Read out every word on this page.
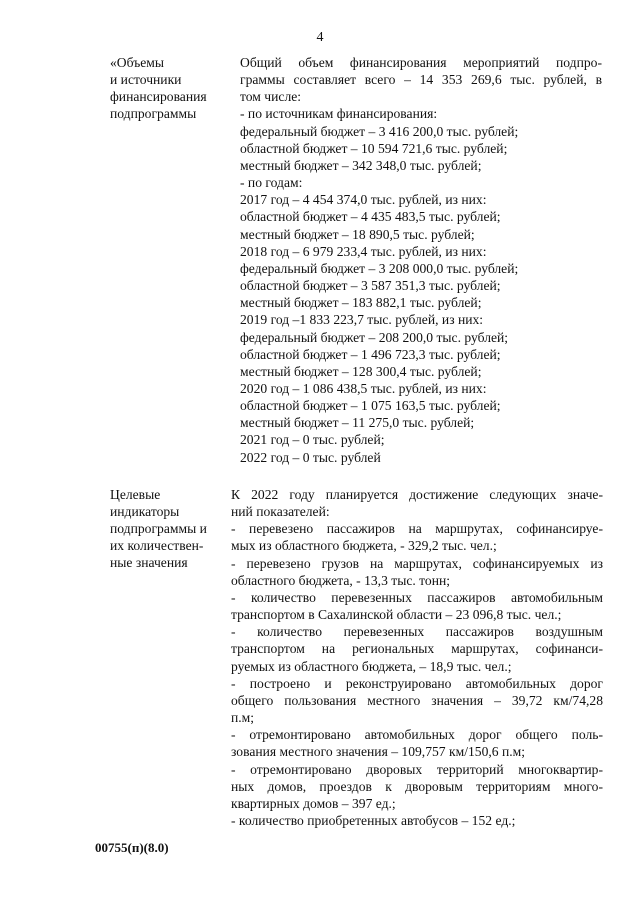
4
«Объемы
и источники
финансирования
подпрограммы
Общий объем финансирования мероприятий подпро-
граммы составляет всего – 14 353 269,6 тыс. рублей, в
том числе:
- по источникам финансирования:
федеральный бюджет – 3 416 200,0 тыс. рублей;
областной бюджет – 10 594 721,6 тыс. рублей;
местный бюджет – 342 348,0 тыс. рублей;
- по годам:
2017 год – 4 454 374,0 тыс. рублей, из них:
областной бюджет – 4 435 483,5 тыс. рублей;
местный бюджет – 18 890,5 тыс. рублей;
2018 год – 6 979 233,4 тыс. рублей, из них:
федеральный бюджет – 3 208 000,0 тыс. рублей;
областной бюджет – 3 587 351,3 тыс. рублей;
местный бюджет – 183 882,1 тыс. рублей;
2019 год –1 833 223,7 тыс. рублей, из них:
федеральный бюджет – 208 200,0 тыс. рублей;
областной бюджет – 1 496 723,3 тыс. рублей;
местный бюджет – 128 300,4 тыс. рублей;
2020 год – 1 086 438,5 тыс. рублей, из них:
областной бюджет – 1 075 163,5 тыс. рублей;
местный бюджет – 11 275,0 тыс. рублей;
2021 год – 0 тыс. рублей;
2022 год – 0 тыс. рублей
Целевые
индикаторы
подпрограммы и
их количествен-
ные значения
К 2022 году планируется достижение следующих значе-
ний показателей:
- перевезено пассажиров на маршрутах, софинансируе-
мых из областного бюджета, - 329,2 тыс. чел.;
- перевезено грузов на маршрутах, софинансируемых из
областного бюджета, - 13,3 тыс. тонн;
- количество перевезенных пассажиров автомобильным
транспортом в Сахалинской области – 23 096,8 тыс. чел.;
- количество перевезенных пассажиров воздушным
транспортом на региональных маршрутах, софинанси-
руемых из областного бюджета, – 18,9 тыс. чел.;
- построено и реконструировано автомобильных дорог
общего пользования местного значения – 39,72 км/74,28
п.м;
- отремонтировано автомобильных дорог общего поль-
зования местного значения – 109,757 км/150,6 п.м;
- отремонтировано дворовых территорий многоквартир-
ных домов, проездов к дворовым территориям много-
квартирных домов – 397 ед.;
- количество приобретенных автобусов – 152 ед.;
00755(п)(8.0)
